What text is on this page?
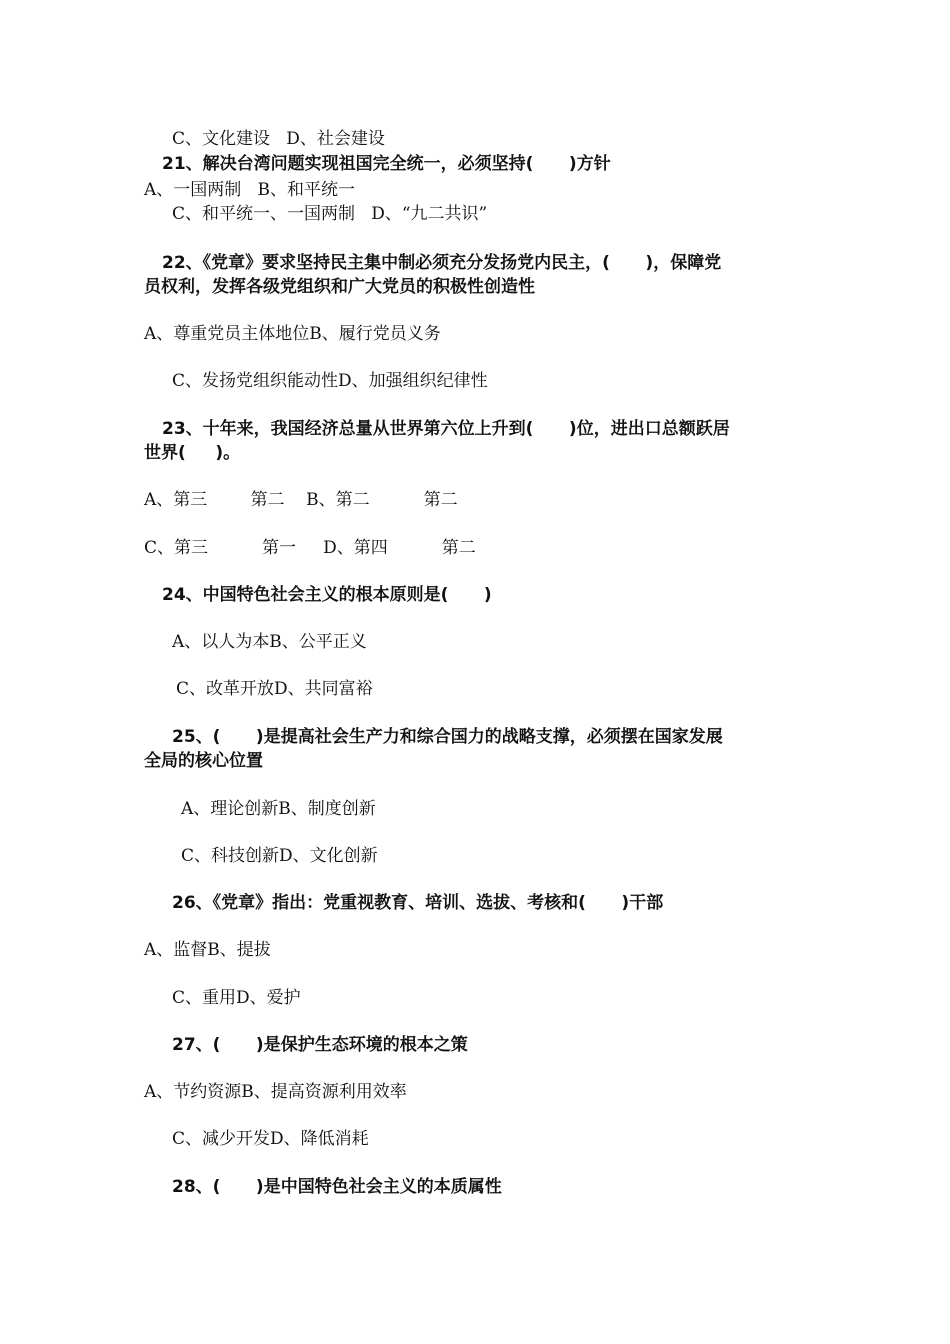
C、文化建设   D、社会建设
21、解决台湾问题实现祖国完全统一，必须坚持(      )方针
A、一国两制   B、和平统一
C、和平统一、一国两制   D、“九二共识”
22、《党章》要求坚持民主集中制必须充分发扬党内民主，(      )，保障党
员权利，发挥各级党组织和广大党员的积极性创造性
A、尊重党员主体地位B、履行党员义务
C、发扬党组织能动性D、加强组织纪律性
23、十年来，我国经济总量从世界第六位上升到(      )位，进出口总额跃居
世界(     )。
A、第三        第二    B、第二          第二
C、第三          第一     D、第四          第二
24、中国特色社会主义的根本原则是(      )
A、以人为本B、公平正义
C、改革开放D、共同富裕
25、(      )是提高社会生产力和综合国力的战略支撑，必须摆在国家发展
全局的核心位置
A、理论创新B、制度创新
C、科技创新D、文化创新
26、《党章》指出：党重视教育、培训、选拔、考核和(      )干部
A、监督B、提拔
C、重用D、爱护
27、(      )是保护生态环境的根本之策
A、节约资源B、提高资源利用效率
C、减少开发D、降低消耗
28、(      )是中国特色社会主义的本质属性
